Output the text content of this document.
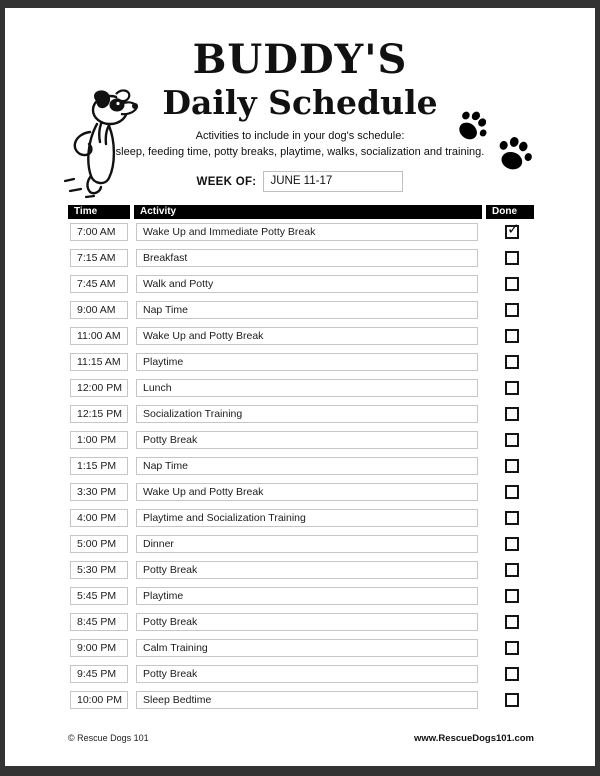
BUDDY'S
Daily Schedule
Activities to include in your dog's schedule:
sleep, feeding time, potty breaks, playtime, walks, socialization and training.
WEEK OF:	JUNE 11-17
Time	Activity	Done
7:00 AM	Wake Up and Immediate Potty Break	✓
7:15 AM	Breakfast
7:45 AM	Walk and Potty
9:00 AM	Nap Time
11:00 AM	Wake Up and Potty Break
11:15 AM	Playtime
12:00 PM	Lunch
12:15 PM	Socialization Training
1:00 PM	Potty Break
1:15 PM	Nap Time
3:30 PM	Wake Up and Potty Break
4:00 PM	Playtime and Socialization Training
5:00 PM	Dinner
5:30 PM	Potty Break
5:45 PM	Playtime
8:45 PM	Potty Break
9:00 PM	Calm Training
9:45 PM	Potty Break
10:00 PM	Sleep Bedtime
© Rescue Dogs 101	www.RescueDogs101.com
